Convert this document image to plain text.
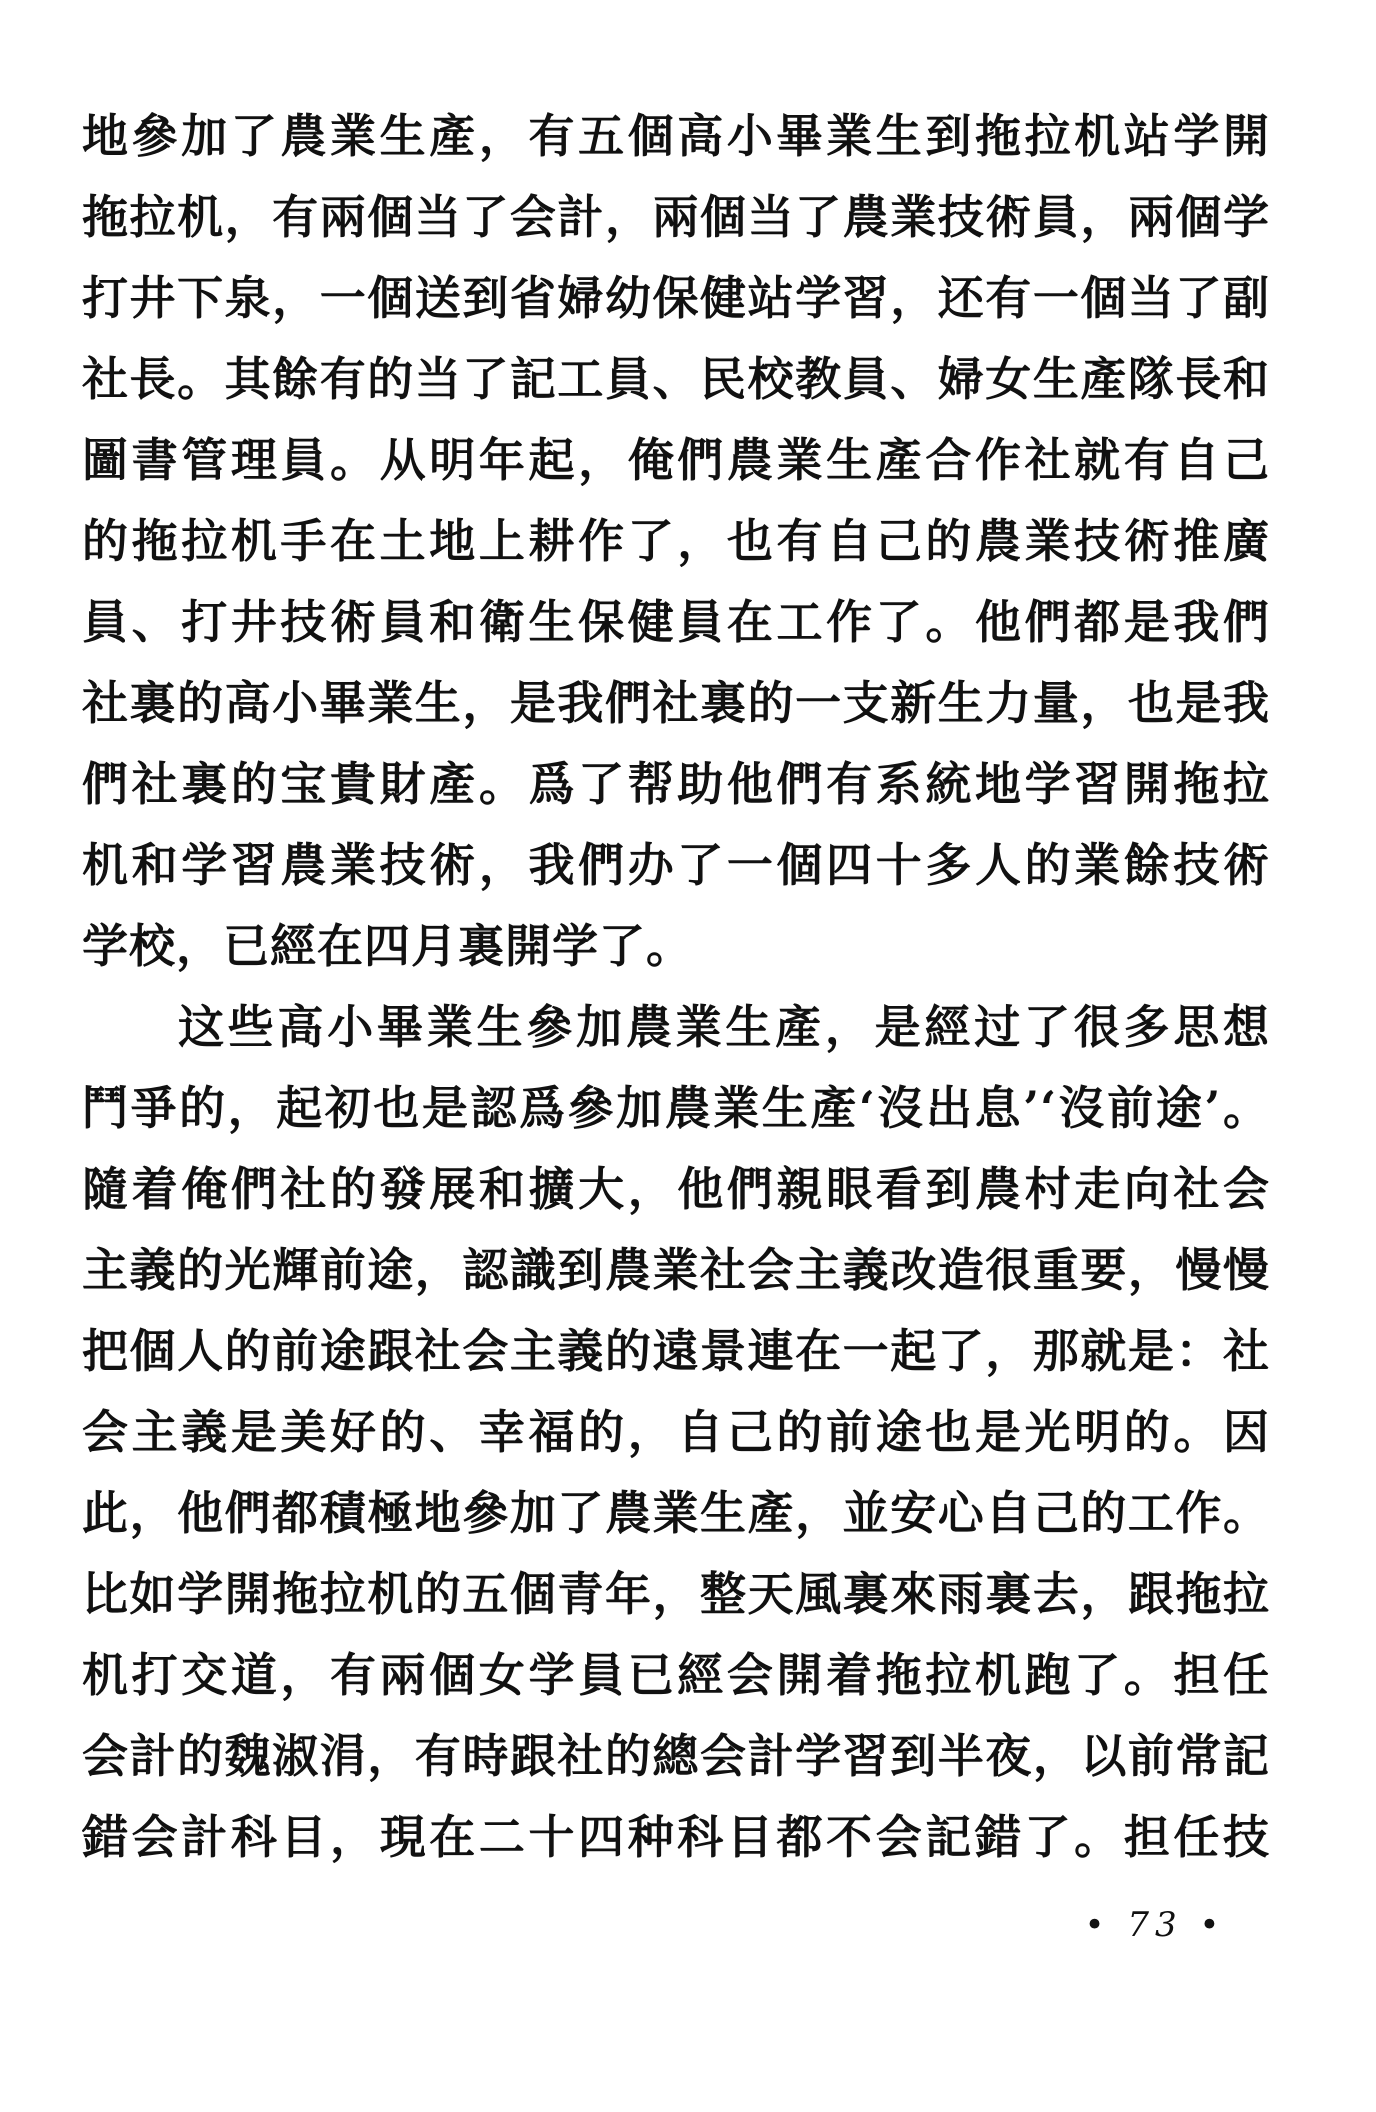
地參加了農業生產，有五個高小畢業生到拖拉机站学開
拖拉机，有兩個当了会計，兩個当了農業技術員，兩個学
打井下泉，一個送到省婦幼保健站学習，还有一個当了副
社長。其餘有的当了記工員、民校教員、婦女生產隊長和
圖書管理員。从明年起，俺們農業生產合作社就有自己
的拖拉机手在土地上耕作了，也有自己的農業技術推廣
員、打井技術員和衛生保健員在工作了。他們都是我們
社裏的高小畢業生，是我們社裏的一支新生力量，也是我
們社裏的宝貴財產。爲了帮助他們有系統地学習開拖拉
机和学習農業技術，我們办了一個四十多人的業餘技術
学校，已經在四月裏開学了。
这些高小畢業生參加農業生產，是經过了很多思想
鬥爭的，起初也是認爲參加農業生產‘沒出息’‘沒前途’。
隨着俺們社的發展和擴大，他們親眼看到農村走向社会
主義的光輝前途，認識到農業社会主義改造很重要，慢慢
把個人的前途跟社会主義的遠景連在一起了，那就是：社
会主義是美好的、幸福的，自己的前途也是光明的。因
此，他們都積極地參加了農業生產，並安心自己的工作。
比如学開拖拉机的五個青年，整天風裏來雨裏去，跟拖拉
机打交道，有兩個女学員已經会開着拖拉机跑了。担任
会計的魏淑涓，有時跟社的總会計学習到半夜，以前常記
錯会計科目，現在二十四种科目都不会記錯了。担任技
• 73 •
